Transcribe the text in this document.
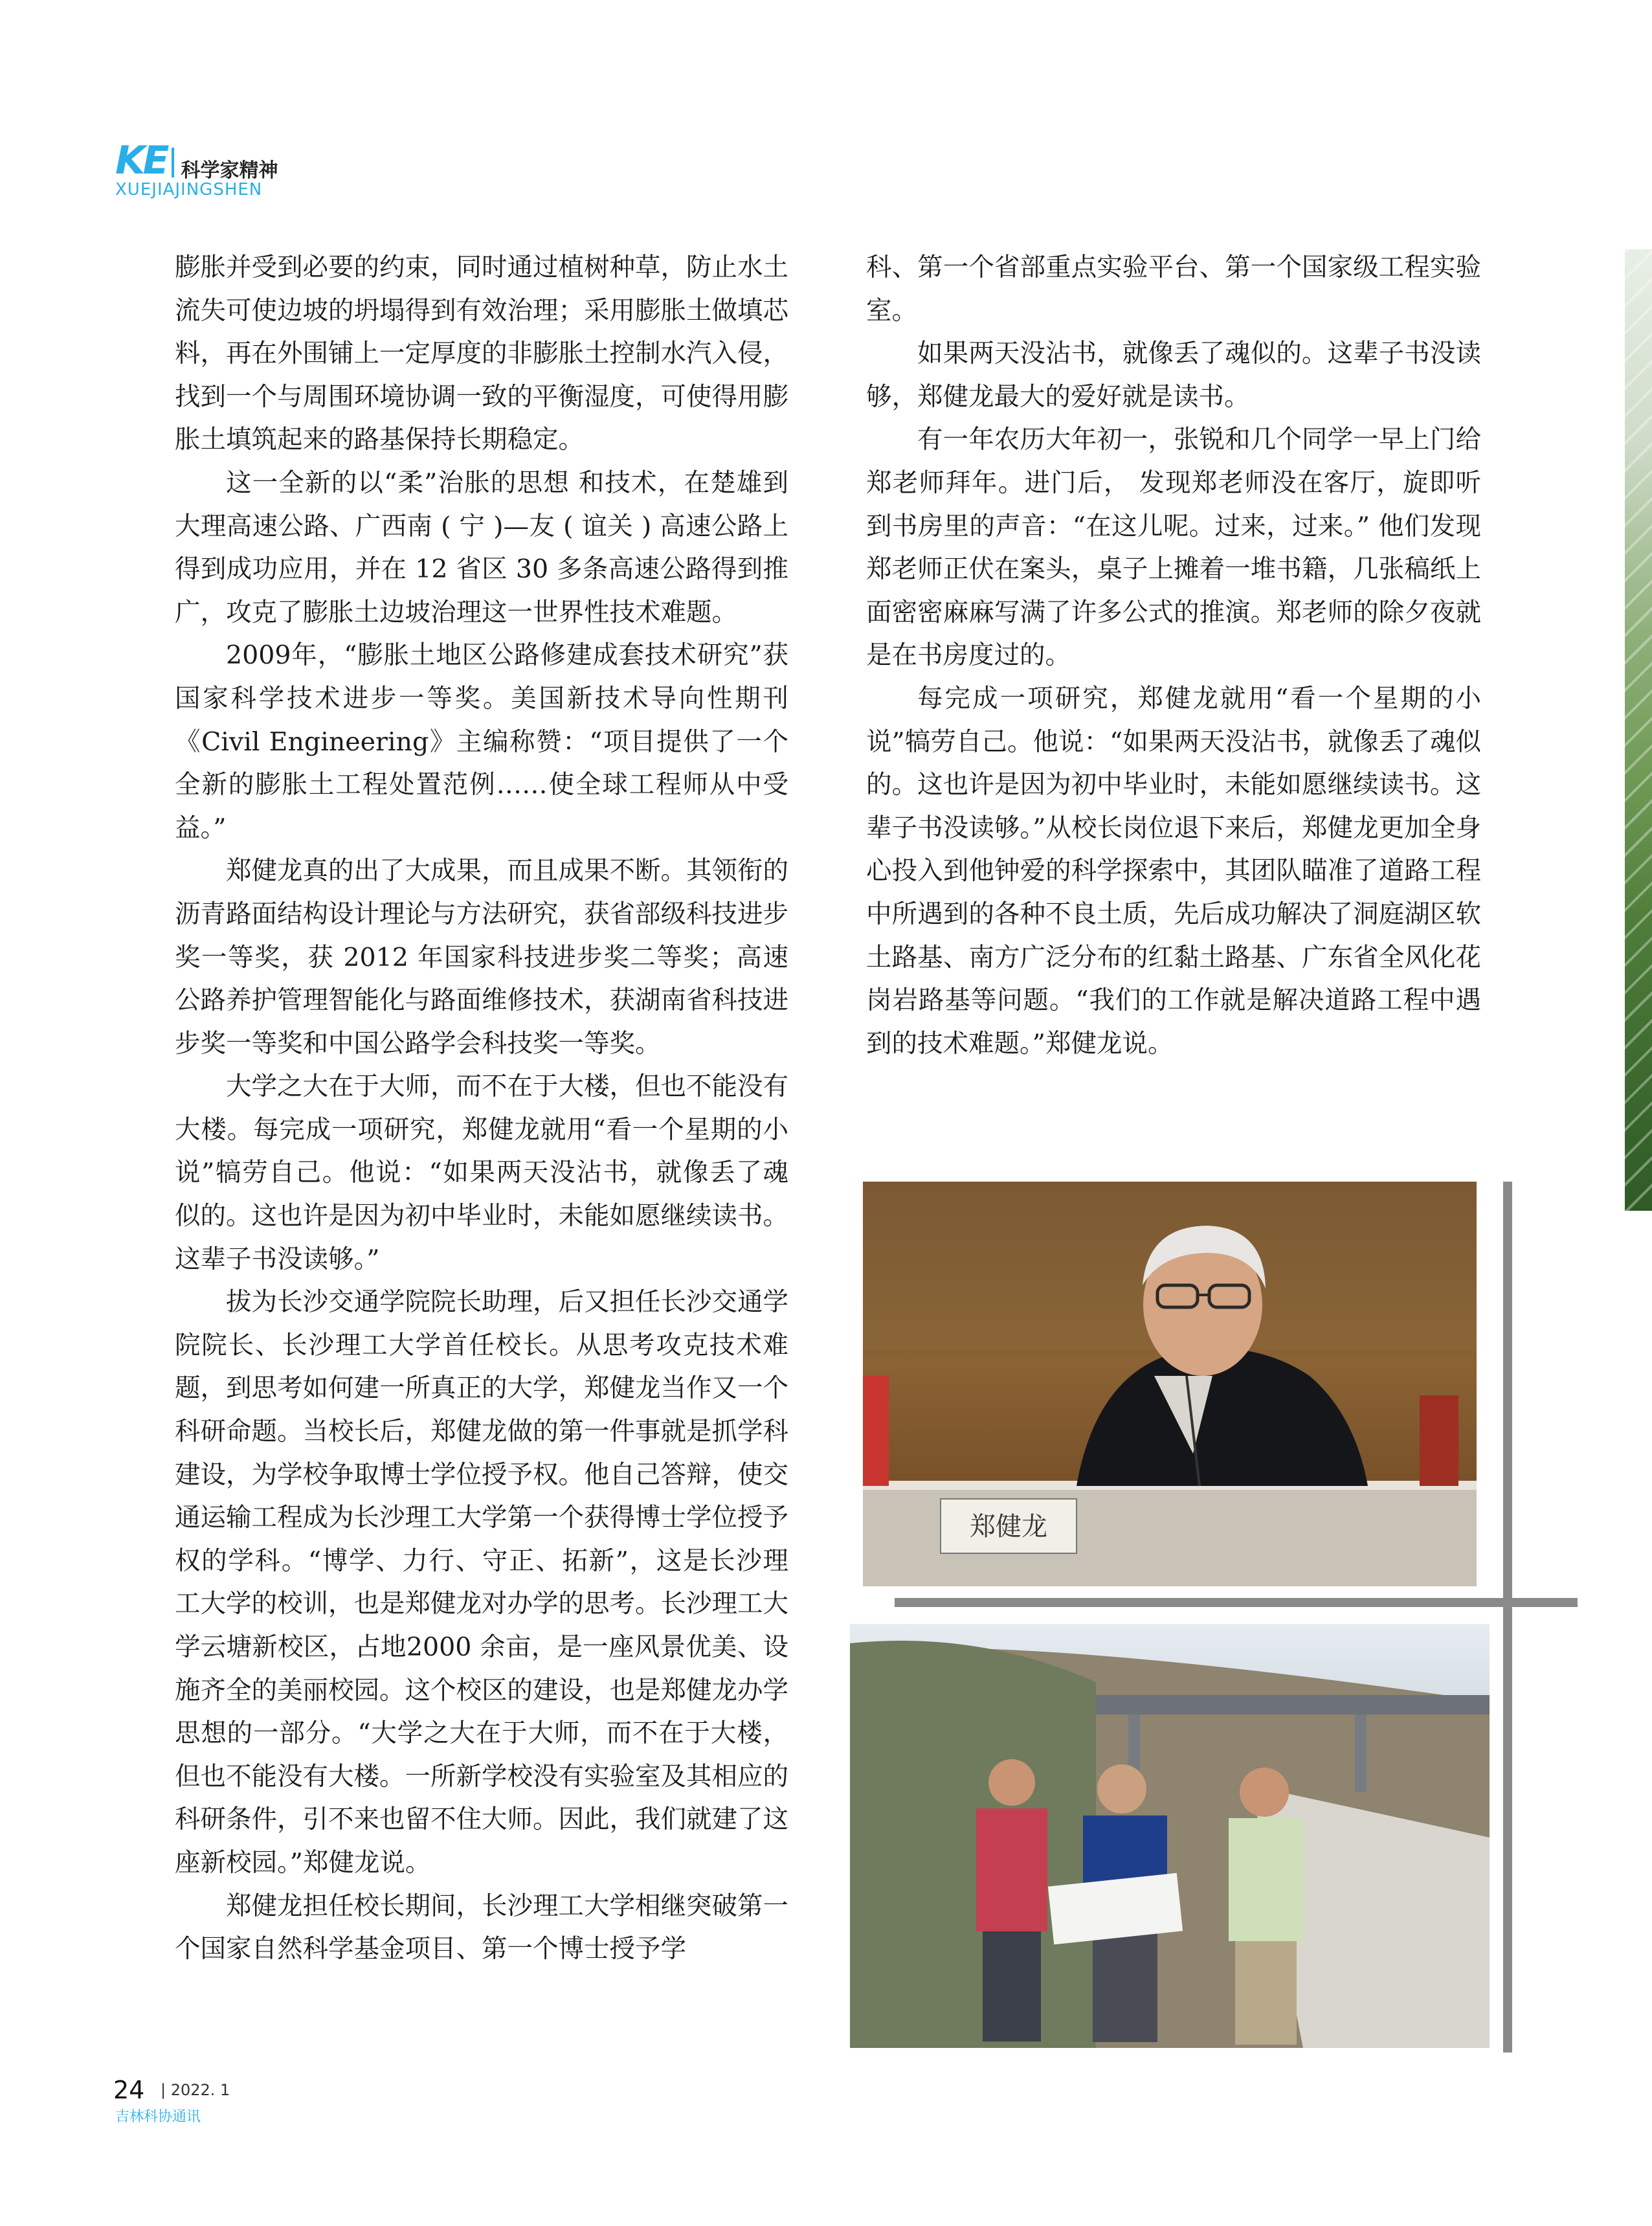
KE 科学家精神
XUEJIAJINGSHEN

膨胀并受到必要的约束，同时通过植树种草，防止水土流失可使边坡的坍塌得到有效治理；采用膨胀土做填芯料，再在外围铺上一定厚度的非膨胀土控制水汽入侵，找到一个与周围环境协调一致的平衡湿度，可使得用膨胀土填筑起来的路基保持长期稳定。

这一全新的以“柔”治胀的思想 和技术，在楚雄到大理高速公路、广西南 ( 宁 )—友 ( 谊关 ) 高速公路上得到成功应用，并在 12 省区 30 多条高速公路得到推广，攻克了膨胀土边坡治理这一世界性技术难题。

2009年，“膨胀土地区公路修建成套技术研究”获国家科学技术进步一等奖。美国新技术导向性期刊《Civil Engineering》主编称赞：“项目提供了一个全新的膨胀土工程处置范例……使全球工程师从中受益。”

郑健龙真的出了大成果，而且成果不断。其领衔的沥青路面结构设计理论与方法研究，获省部级科技进步奖一等奖，获 2012 年国家科技进步奖二等奖；高速公路养护管理智能化与路面维修技术，获湖南省科技进步奖一等奖和中国公路学会科技奖一等奖。

大学之大在于大师，而不在于大楼，但也不能没有大楼。每完成一项研究，郑健龙就用“看一个星期的小说”犒劳自己。他说：“如果两天没沾书，就像丢了魂似的。这也许是因为初中毕业时，未能如愿继续读书。这辈子书没读够。”

拔为长沙交通学院院长助理，后又担任长沙交通学院院长、长沙理工大学首任校长。从思考攻克技术难题，到思考如何建一所真正的大学，郑健龙当作又一个科研命题。当校长后，郑健龙做的第一件事就是抓学科建设，为学校争取博士学位授予权。他自己答辩，使交通运输工程成为长沙理工大学第一个获得博士学位授予权的学科。“博学、力行、守正、拓新”，这是长沙理工大学的校训，也是郑健龙对办学的思考。长沙理工大学云塘新校区，占地2000 余亩，是一座风景优美、设施齐全的美丽校园。这个校区的建设，也是郑健龙办学思想的一部分。“大学之大在于大师，而不在于大楼，但也不能没有大楼。一所新学校没有实验室及其相应的科研条件，引不来也留不住大师。因此，我们就建了这座新校园。”郑健龙说。

郑健龙担任校长期间，长沙理工大学相继突破第一个国家自然科学基金项目、第一个博士授予学

科、第一个省部重点实验平台、第一个国家级工程实验室。

如果两天没沾书，就像丢了魂似的。这辈子书没读够，郑健龙最大的爱好就是读书。

有一年农历大年初一，张锐和几个同学一早上门给郑老师拜年。进门后， 发现郑老师没在客厅，旋即听到书房里的声音：“在这儿呢。过来，过来。” 他们发现郑老师正伏在案头，桌子上摊着一堆书籍，几张稿纸上面密密麻麻写满了许多公式的推演。郑老师的除夕夜就是在书房度过的。

每完成一项研究，郑健龙就用“看一个星期的小说”犒劳自己。他说：“如果两天没沾书，就像丢了魂似的。这也许是因为初中毕业时，未能如愿继续读书。这辈子书没读够。”从校长岗位退下来后，郑健龙更加全身心投入到他钟爱的科学探索中，其团队瞄准了道路工程中所遇到的各种不良土质，先后成功解决了洞庭湖区软土路基、南方广泛分布的红黏土路基、广东省全风化花岗岩路基等问题。“我们的工作就是解决道路工程中遇到的技术难题。”郑健龙说。

郑健龙
24 | 2022. 1
吉林科协通讯
